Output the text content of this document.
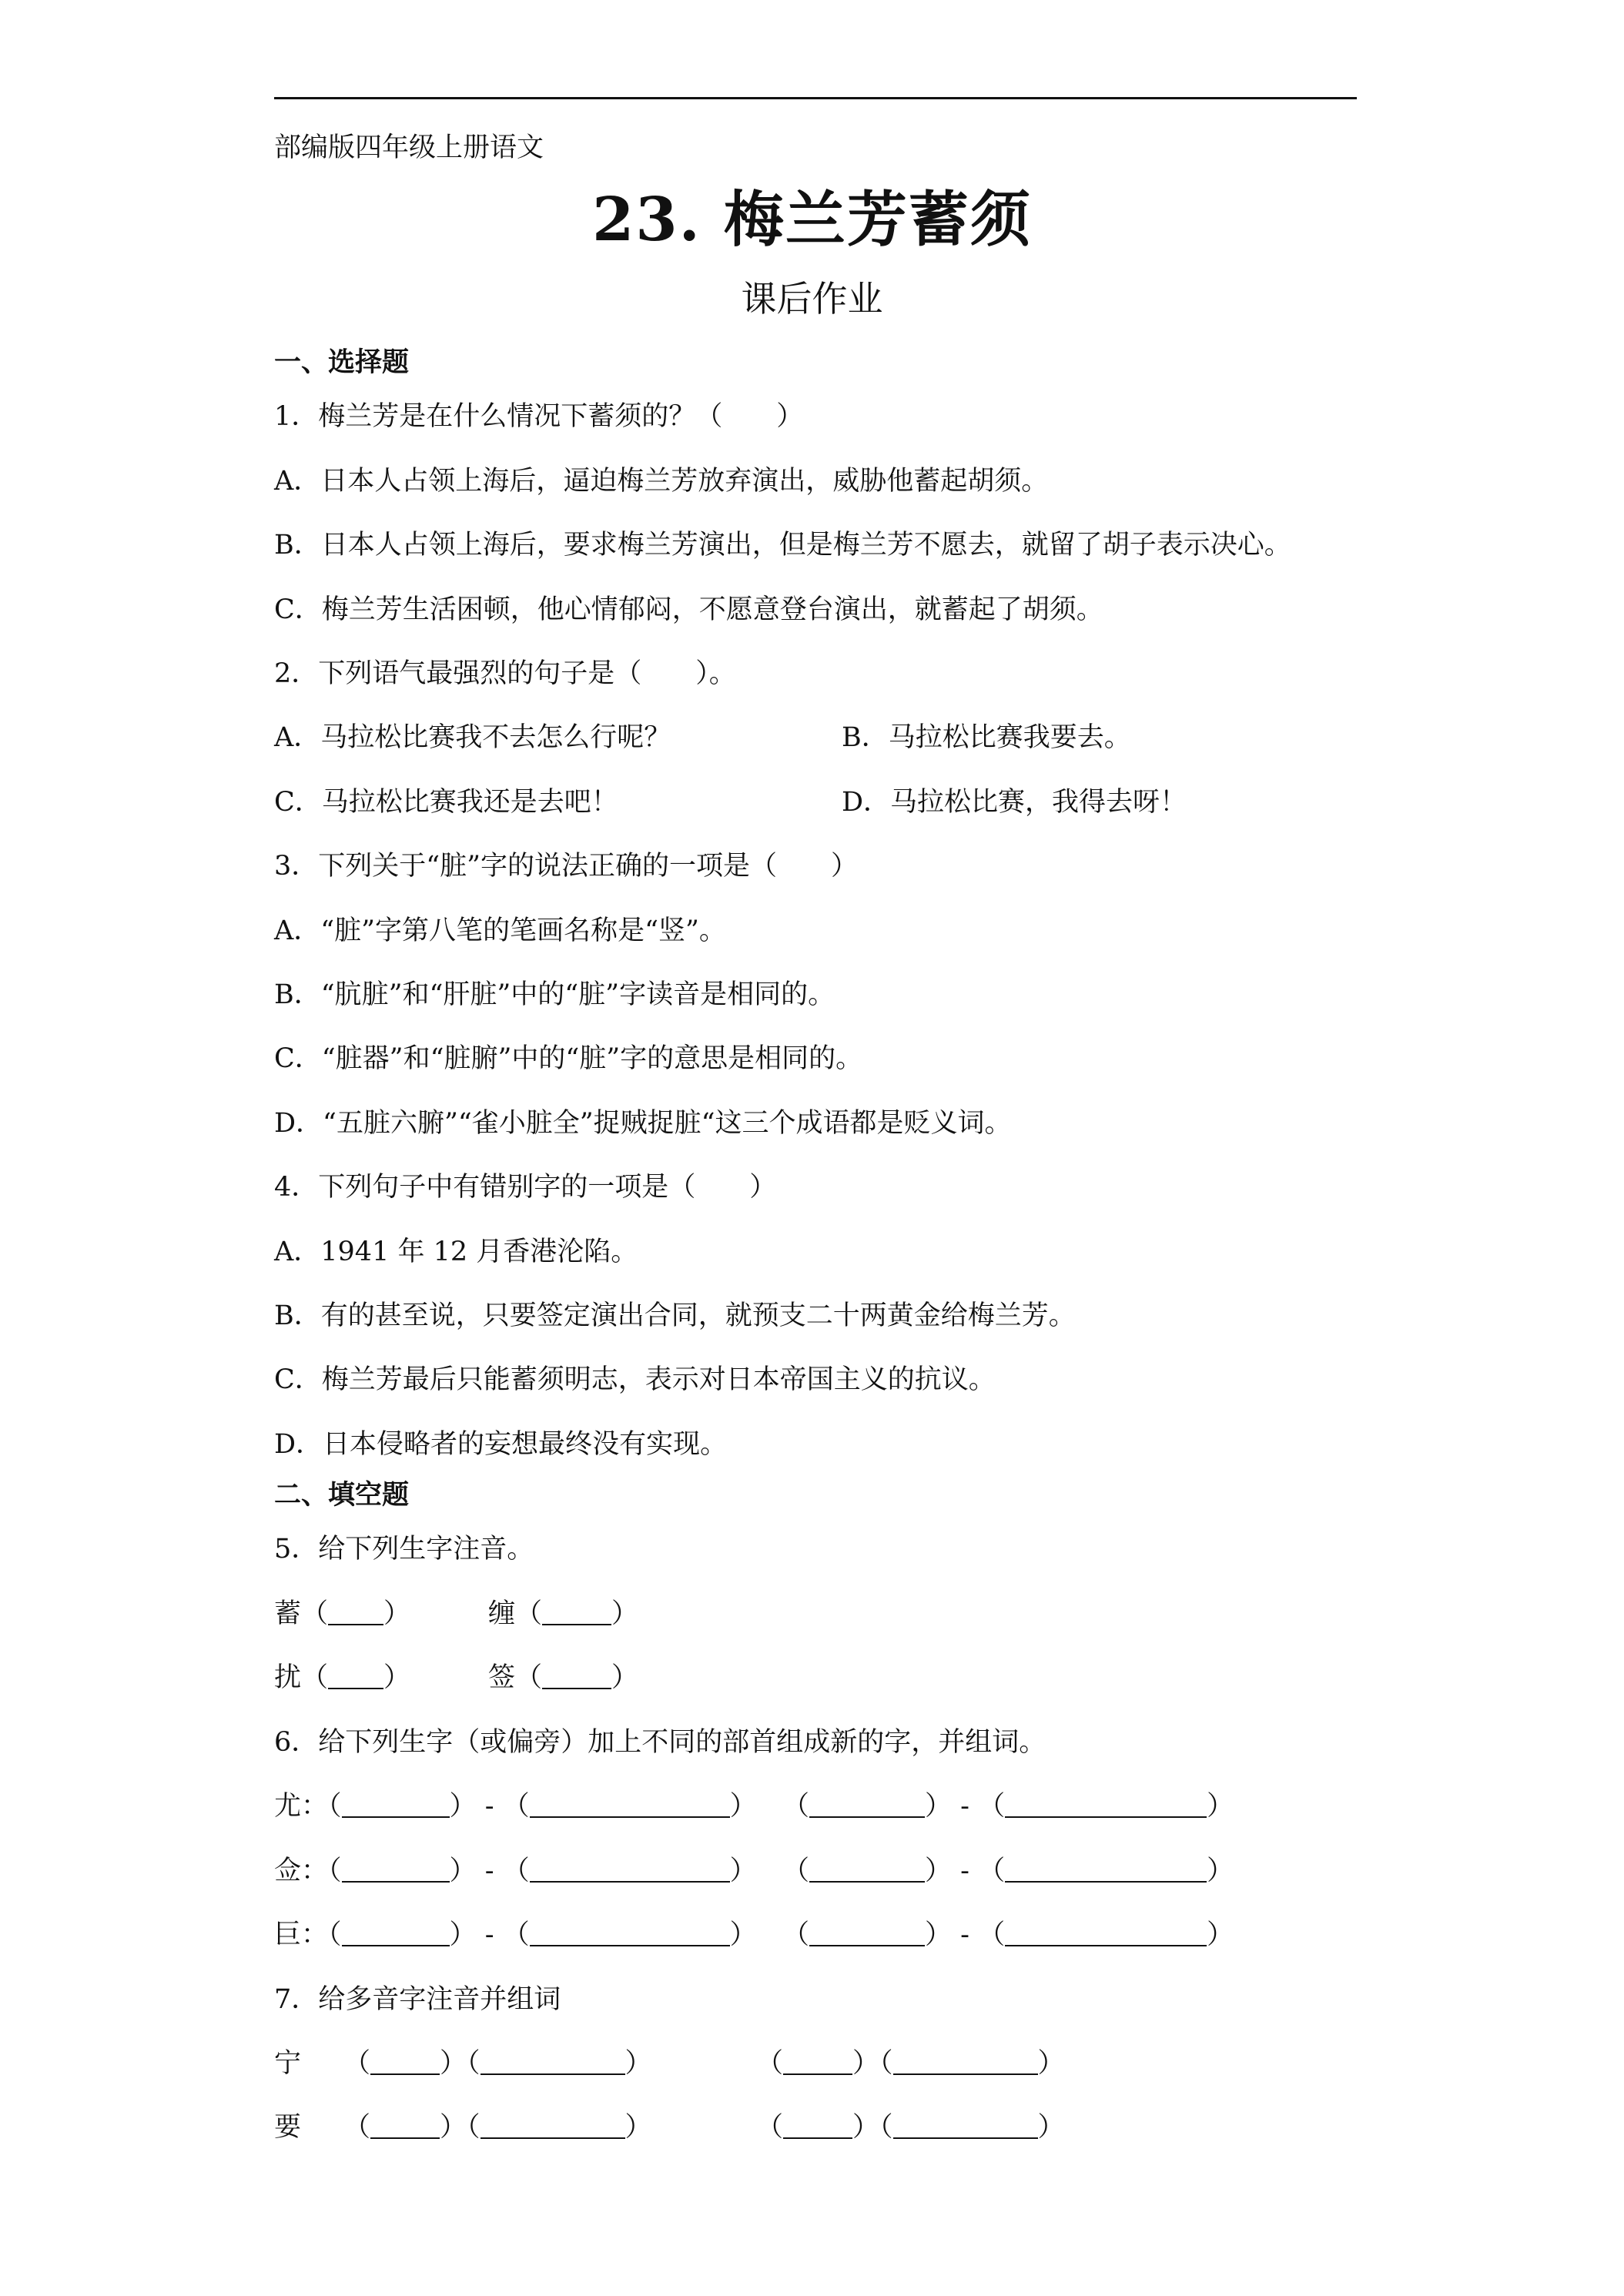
部编版四年级上册语文
23. 梅兰芳蓄须
课后作业
一、选择题
1．梅兰芳是在什么情况下蓄须的？（　　）
A．日本人占领上海后，逼迫梅兰芳放弃演出，威胁他蓄起胡须。
B．日本人占领上海后，要求梅兰芳演出，但是梅兰芳不愿去，就留了胡子表示决心。
C．梅兰芳生活困顿，他心情郁闷，不愿意登台演出，就蓄起了胡须。
2．下列语气最强烈的句子是（　　）。
A．马拉松比赛我不去怎么行呢？	B．马拉松比赛我要去。
C．马拉松比赛我还是去吧！	D．马拉松比赛，我得去呀！
3．下列关于“脏”字的说法正确的一项是（　　）
A．“脏”字第八笔的笔画名称是“竖”。
B．“肮脏”和“肝脏”中的“脏”字读音是相同的。
C．“脏器”和“脏腑”中的“脏”字的意思是相同的。
D．“五脏六腑”“雀小脏全”捉贼捉脏“这三个成语都是贬义词。
4．下列句子中有错别字的一项是（　　）
A．1941 年 12 月香港沦陷。
B．有的甚至说，只要签定演出合同，就预支二十两黄金给梅兰芳。
C．梅兰芳最后只能蓄须明志，表示对日本帝国主义的抗议。
D．日本侵略者的妄想最终没有实现。
二、填空题
5．给下列生字注音。
蓄（ ）	缠（	）
扰（ ）	签（	）
6．给下列生字（或偏旁）加上不同的部首组成新的字，并组词。
尤：（	） - （	） （	） - （	）
佥：（	） - （	） （	） - （	）
巨：（	） - （	） （	） - （	）
7．给多音字注音并组词
宁 （	）（	）	（	）（	）
要 （	）（	）	（	）（	）
